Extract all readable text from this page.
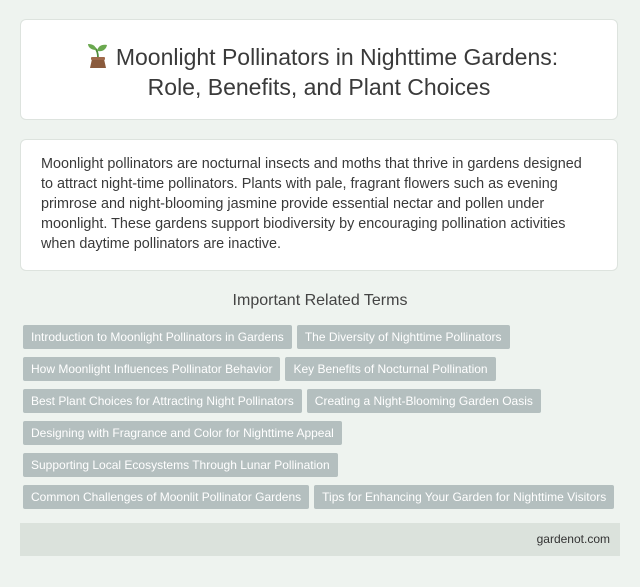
Moonlight Pollinators in Nighttime Gardens:
Role, Benefits, and Plant Choices
Moonlight pollinators are nocturnal insects and moths that thrive in gardens designed to attract night-time pollinators. Plants with pale, fragrant flowers such as evening primrose and night-blooming jasmine provide essential nectar and pollen under moonlight. These gardens support biodiversity by encouraging pollination activities when daytime pollinators are inactive.
Important Related Terms
Introduction to Moonlight Pollinators in Gardens The Diversity of Nighttime Pollinators
How Moonlight Influences Pollinator Behavior Key Benefits of Nocturnal Pollination
Best Plant Choices for Attracting Night Pollinators Creating a Night-Blooming Garden Oasis
Designing with Fragrance and Color for Nighttime Appeal
Supporting Local Ecosystems Through Lunar Pollination
Common Challenges of Moonlit Pollinator Gardens Tips for Enhancing Your Garden for Nighttime Visitors
gardenot.com
